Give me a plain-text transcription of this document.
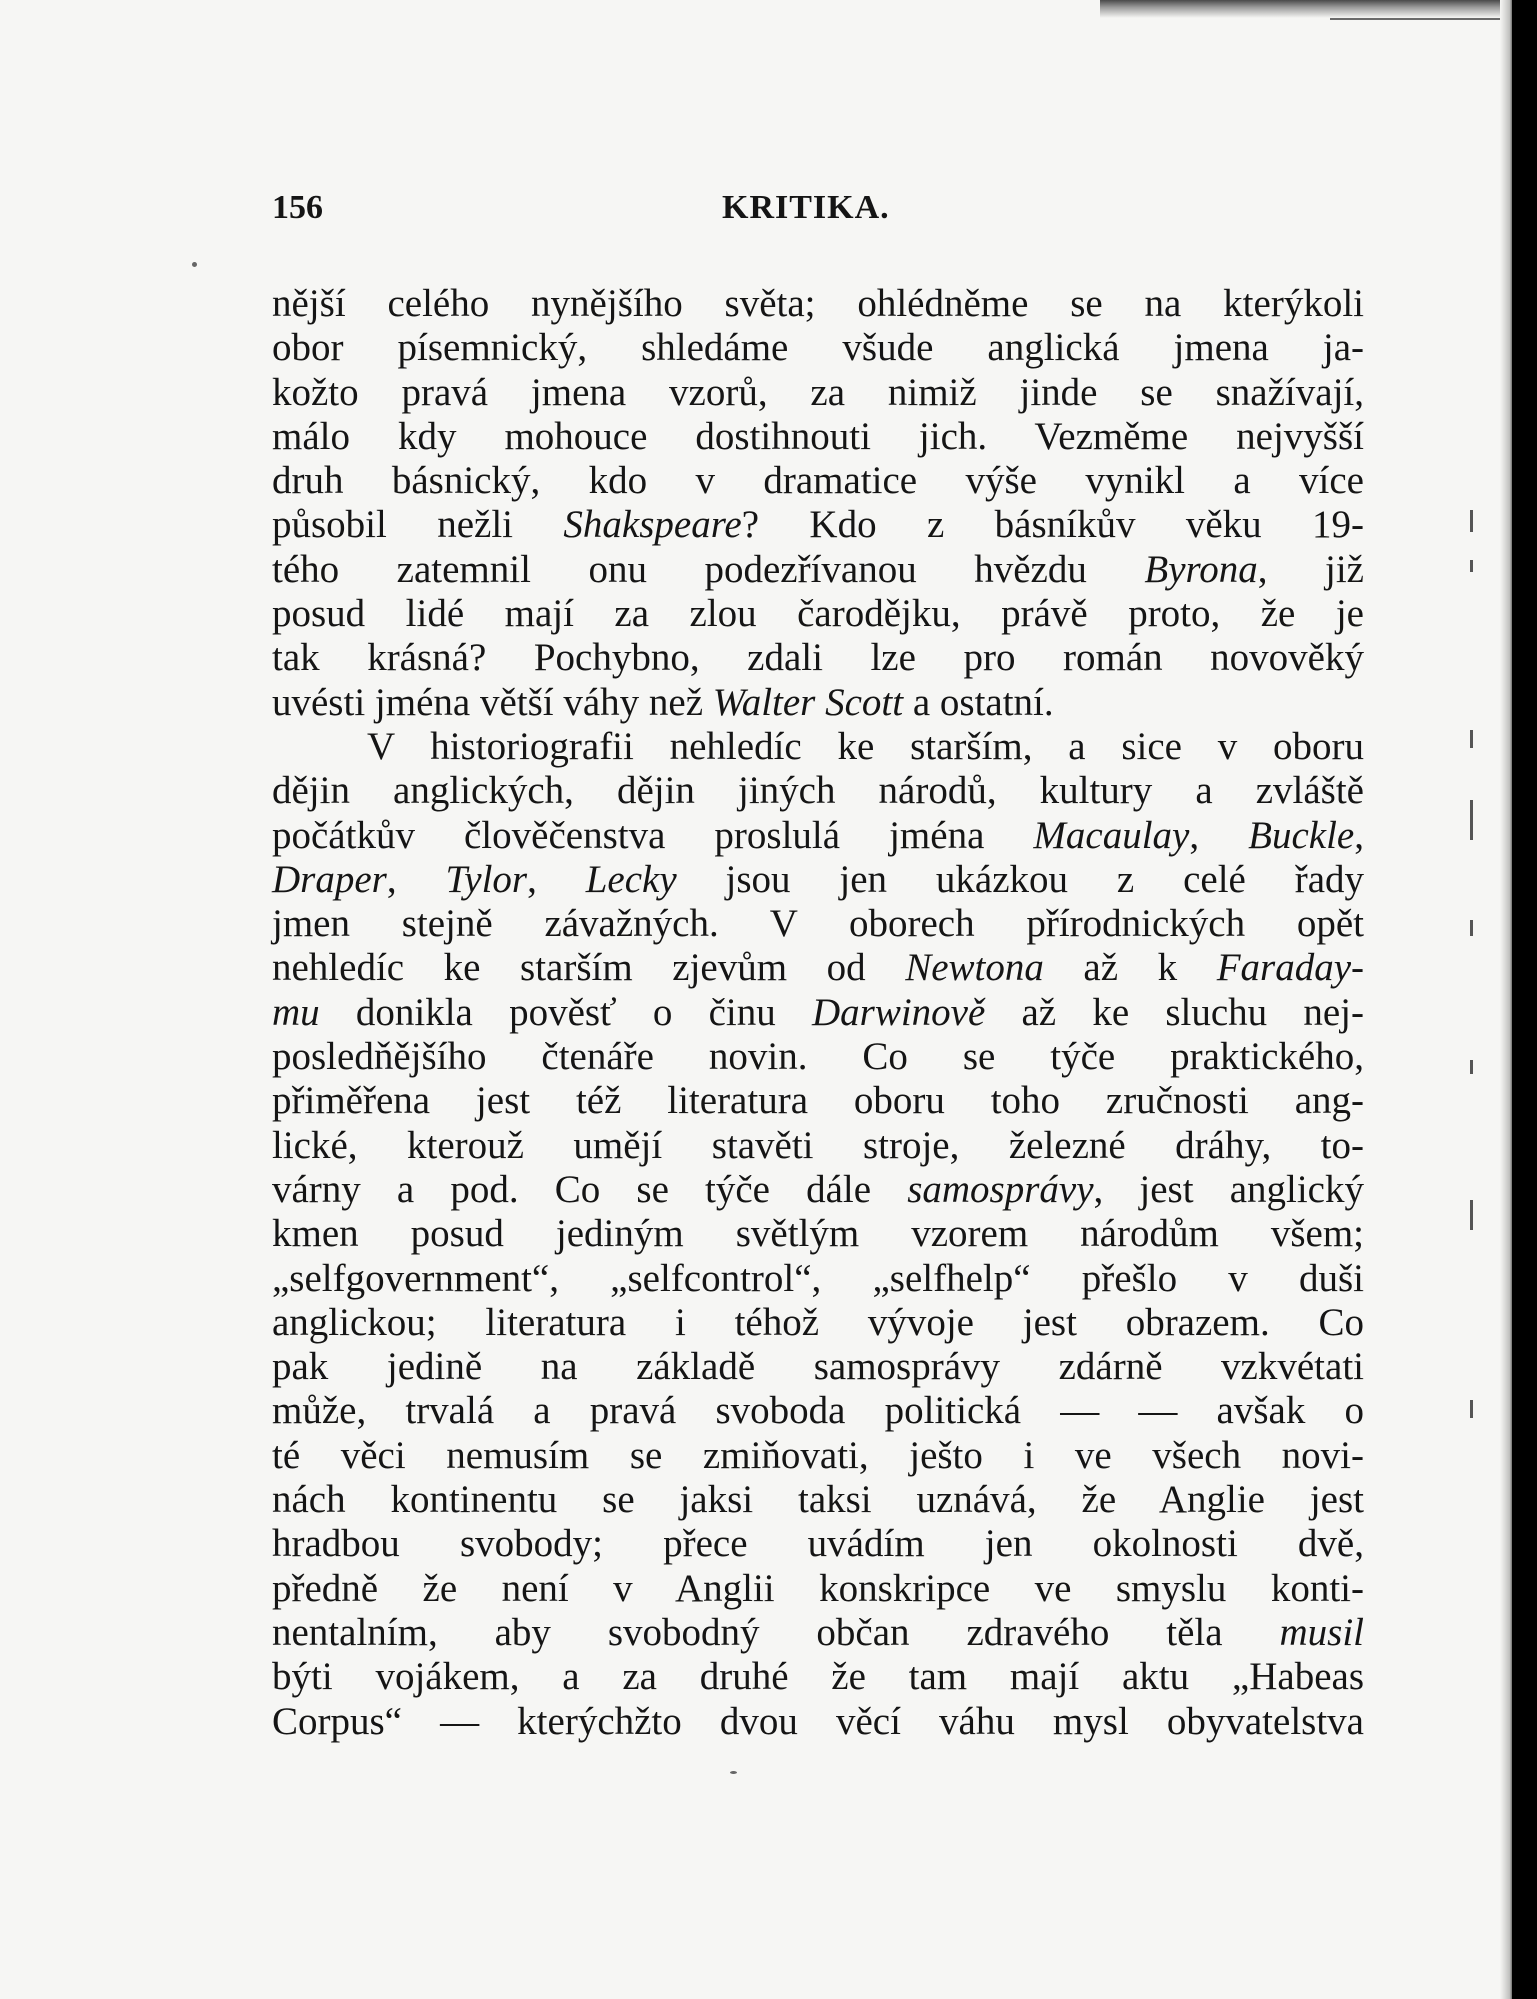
156	KRITIKA.
nější celého nynějšího světa; ohlédněme se na kterýkoli
obor písemnický, shledáme všude anglická jmena ja-
kožto pravá jmena vzorů, za nimiž jinde se snažívají,
málo kdy mohouce dostihnouti jich. Vezměme nejvyšší
druh básnický, kdo v dramatice výše vynikl a více
působil nežli Shakspeare? Kdo z básníkův věku 19-
tého zatemnil onu podezřívanou hvězdu Byrona, již
posud lidé mají za zlou čarodějku, právě proto, že je
tak krásná? Pochybno, zdali lze pro román novověký
uvésti jména větší váhy než Walter Scott a ostatní.
V historiografii nehledíc ke starším, a sice v oboru
dějin anglických, dějin jiných národů, kultury a zvláště
počátkův člověčenstva proslulá jména Macaulay, Buckle,
Draper, Tylor, Lecky jsou jen ukázkou z celé řady
jmen stejně závažných. V oborech přírodnických opět
nehledíc ke starším zjevům od Newtona až k Faraday-
mu donikla pověsť o činu Darwinově až ke sluchu nej-
posledňějšího čtenáře novin. Co se týče praktického,
přiměřena jest též literatura oboru toho zručnosti ang-
lické, kterouž umějí stavěti stroje, železné dráhy, to-
várny a pod. Co se týče dále samosprávy, jest anglický
kmen posud jediným světlým vzorem národům všem;
„selfgovernment“, „selfcontrol“, „selfhelp“ přešlo v duši
anglickou; literatura i téhož vývoje jest obrazem. Co
pak jedině na základě samosprávy zdárně vzkvétati
může, trvalá a pravá svoboda politická — — avšak o
té věci nemusím se zmiňovati, ješto i ve všech novi-
nách kontinentu se jaksi taksi uznává, že Anglie jest
hradbou svobody; přece uvádím jen okolnosti dvě,
předně že není v Anglii konskripce ve smyslu konti-
nentalním, aby svobodný občan zdravého těla musil
býti vojákem, a za druhé že tam mají aktu „Habeas
Corpus“ — kterýchžto dvou věcí váhu mysl obyvatelstva
